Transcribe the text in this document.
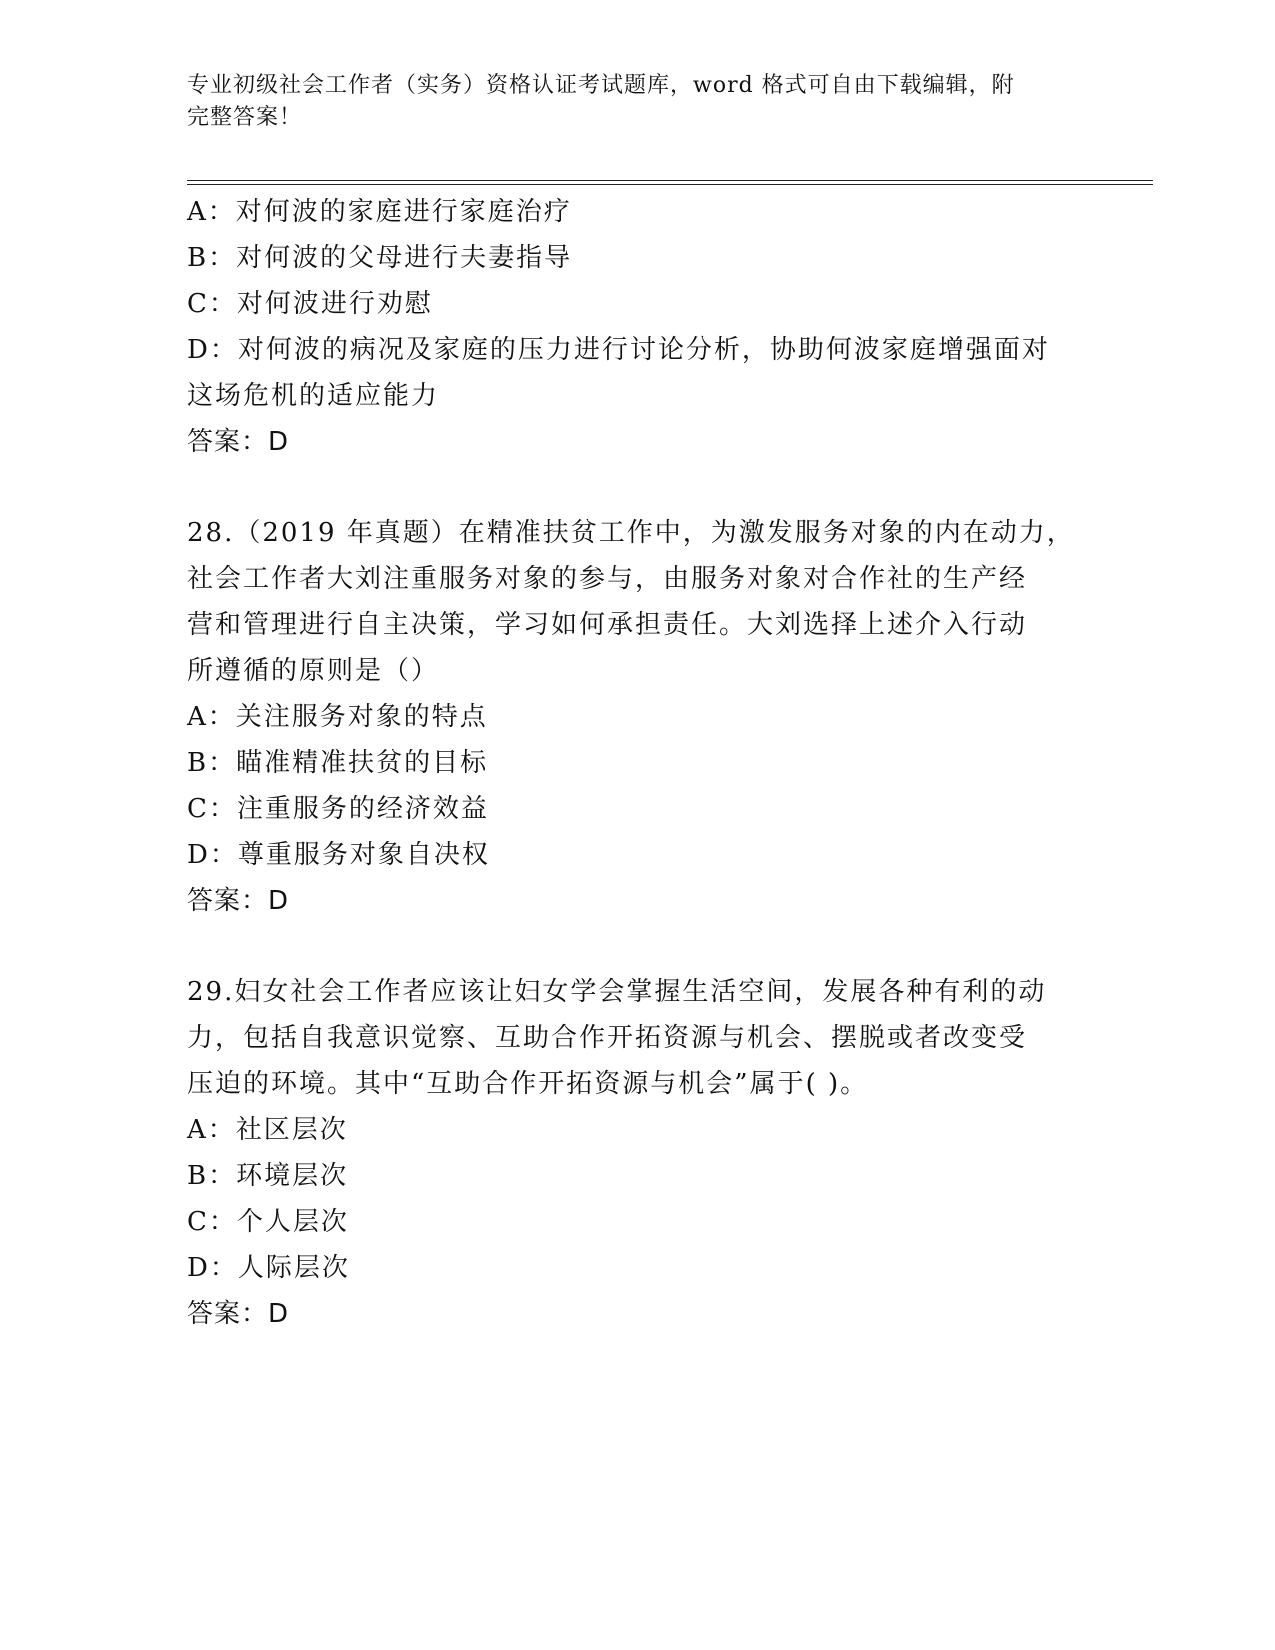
专业初级社会工作者（实务）资格认证考试题库，word 格式可自由下载编辑，附
完整答案！
A：对何波的家庭进行家庭治疗
B：对何波的父母进行夫妻指导
C：对何波进行劝慰
D：对何波的病况及家庭的压力进行讨论分析，协助何波家庭增强面对
这场危机的适应能力
答案：D
28.（2019 年真题）在精准扶贫工作中，为激发服务对象的内在动力，
社会工作者大刘注重服务对象的参与，由服务对象对合作社的生产经
营和管理进行自主决策，学习如何承担责任。大刘选择上述介入行动
所遵循的原则是（）
A：关注服务对象的特点
B：瞄准精准扶贫的目标
C：注重服务的经济效益
D：尊重服务对象自决权
答案：D
29.妇女社会工作者应该让妇女学会掌握生活空间，发展各种有利的动
力，包括自我意识觉察、互助合作开拓资源与机会、摆脱或者改变受
压迫的环境。其中“互助合作开拓资源与机会”属于( )。
A：社区层次
B：环境层次
C：个人层次
D：人际层次
答案：D
